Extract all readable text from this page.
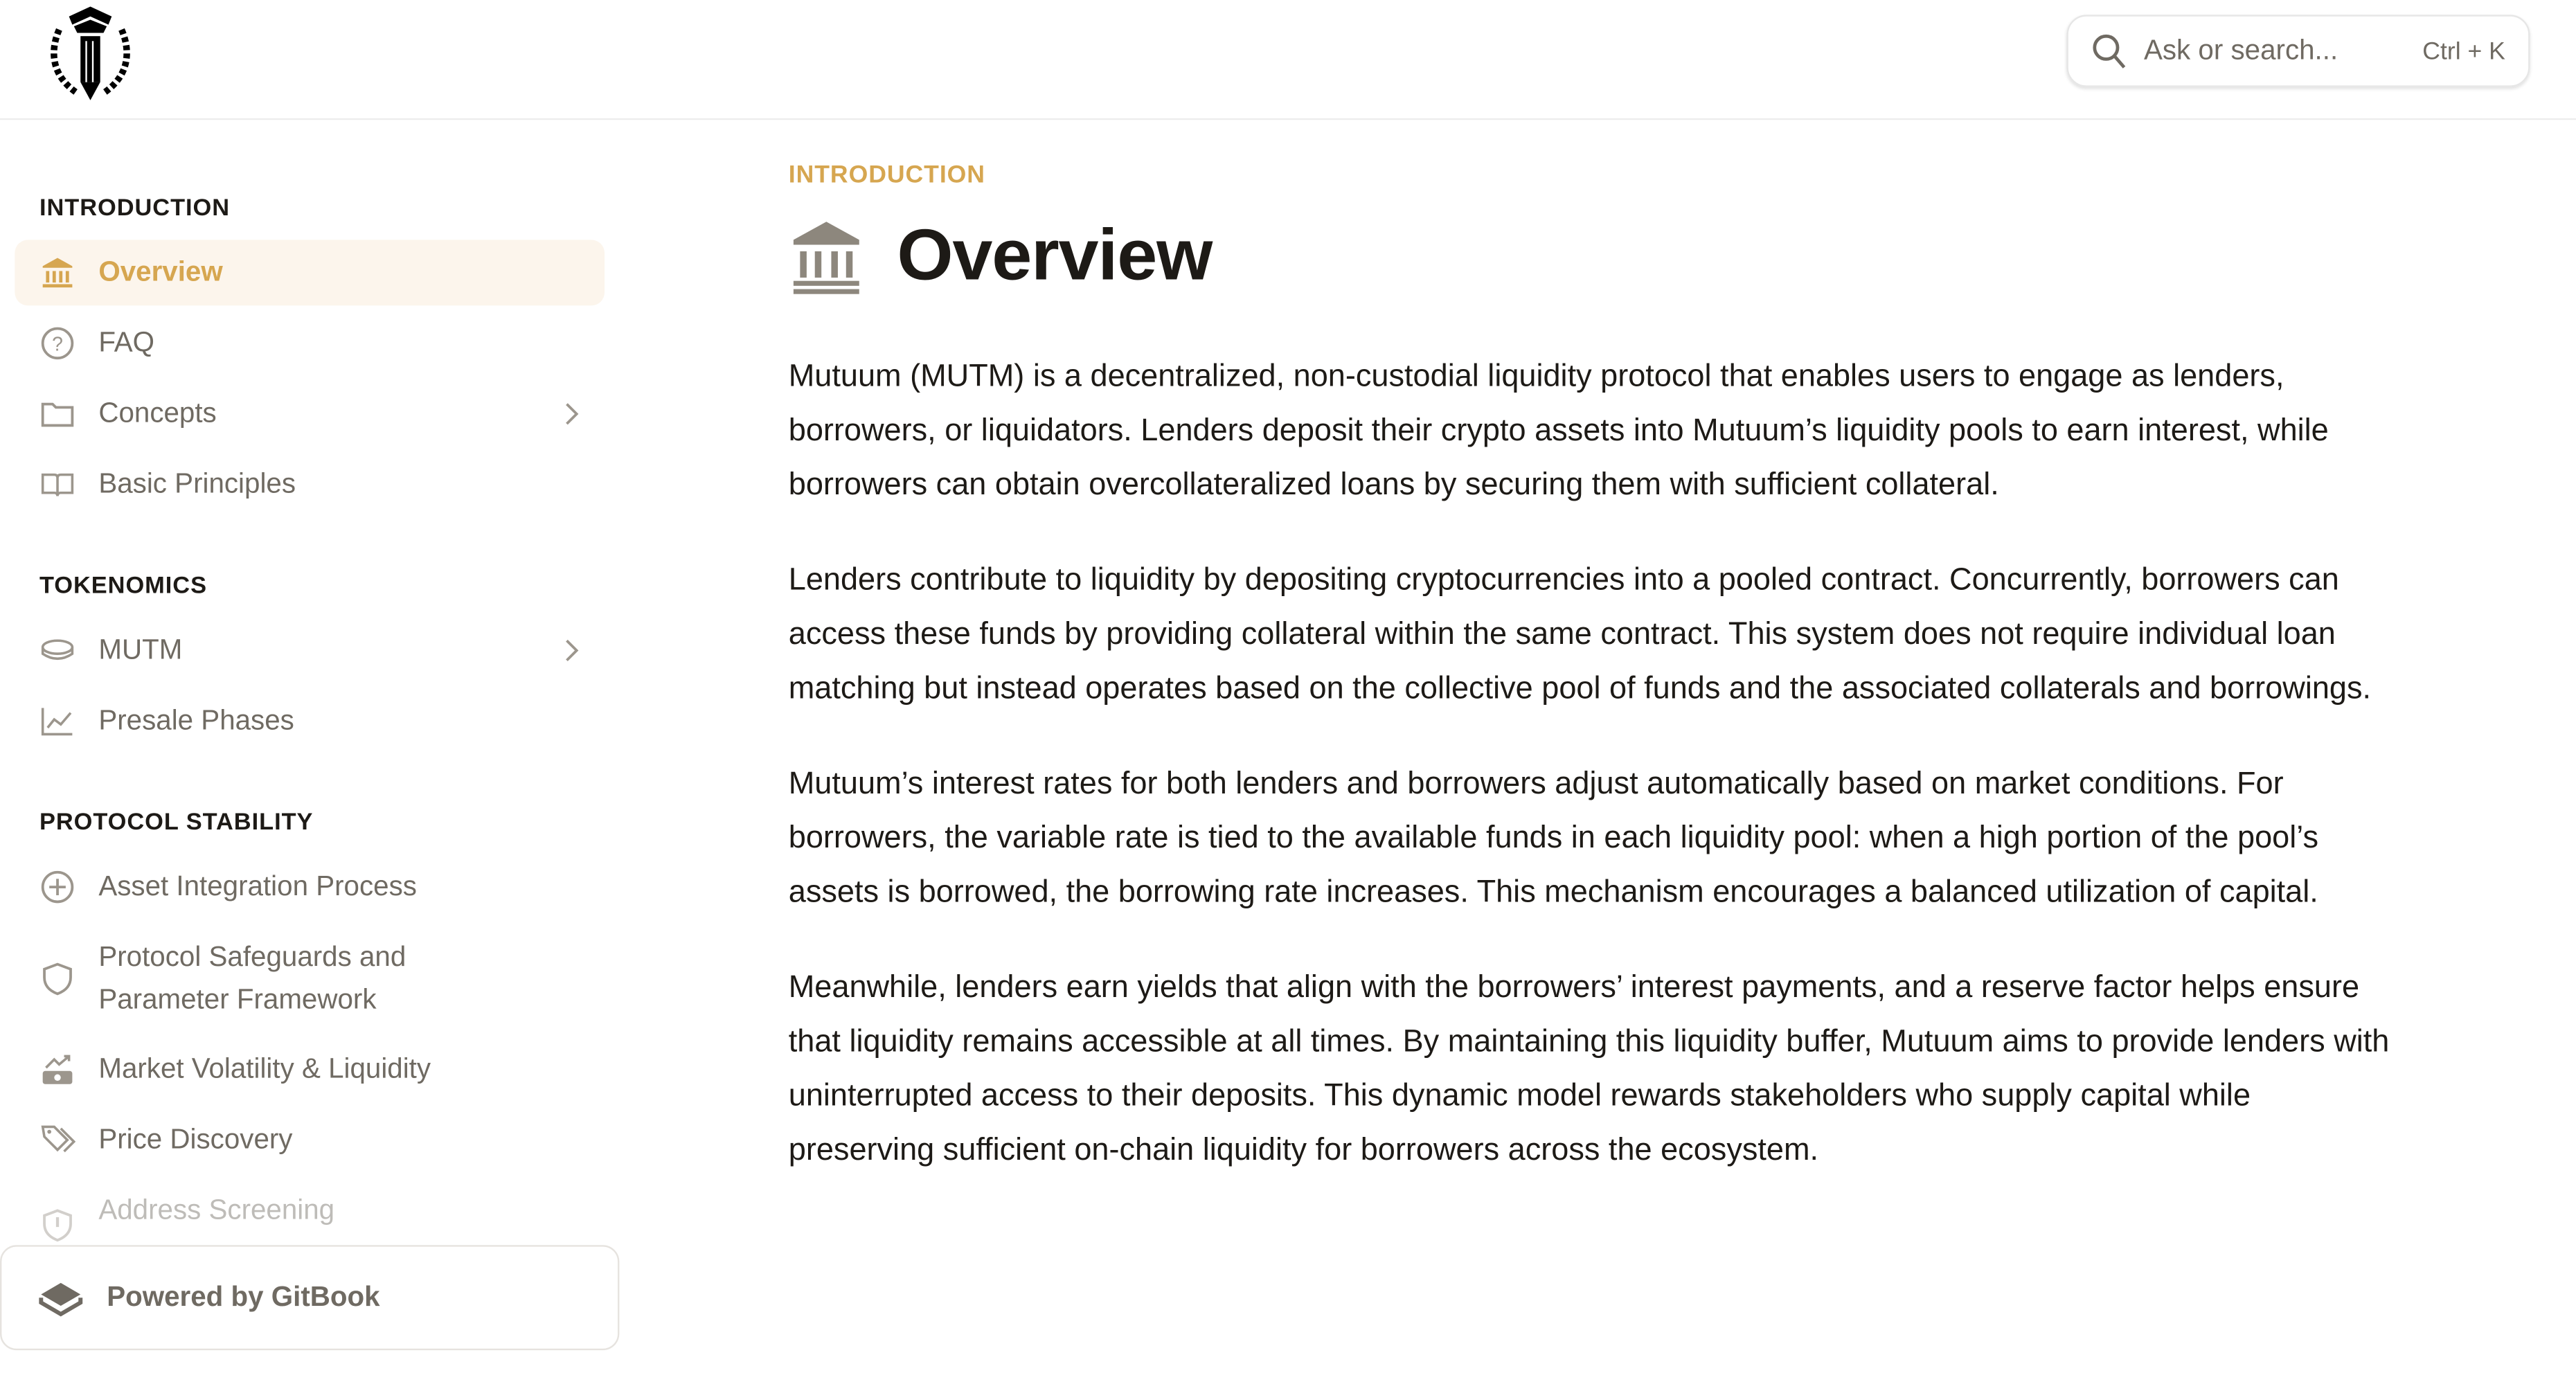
Ask or search...	Ctrl + K
INTRODUCTION
Overview
?	FAQ
Concepts
Basic Principles
TOKENOMICS
MUTM
Presale Phases
PROTOCOL STABILITY
Asset Integration Process
Protocol Safeguards and Parameter Framework
Market Volatility & Liquidity
Price Discovery
Address Screening
Powered by GitBook
INTRODUCTION
Overview

Mutuum (MUTM) is a decentralized, non-custodial liquidity protocol that enables users to engage as lenders, borrowers, or liquidators. Lenders deposit their crypto assets into Mutuum’s liquidity pools to earn interest, while borrowers can obtain overcollateralized loans by securing them with sufficient collateral.

Lenders contribute to liquidity by depositing cryptocurrencies into a pooled contract. Concurrently, borrowers can access these funds by providing collateral within the same contract. This system does not require individual loan matching but instead operates based on the collective pool of funds and the associated collaterals and borrowings.

Mutuum’s interest rates for both lenders and borrowers adjust automatically based on market conditions. For borrowers, the variable rate is tied to the available funds in each liquidity pool: when a high portion of the pool’s assets is borrowed, the borrowing rate increases. This mechanism encourages a balanced utilization of capital.

Meanwhile, lenders earn yields that align with the borrowers’ interest payments, and a reserve factor helps ensure that liquidity remains accessible at all times. By maintaining this liquidity buffer, Mutuum aims to provide lenders with uninterrupted access to their deposits. This dynamic model rewards stakeholders who supply capital while preserving sufficient on-chain liquidity for borrowers across the ecosystem.
